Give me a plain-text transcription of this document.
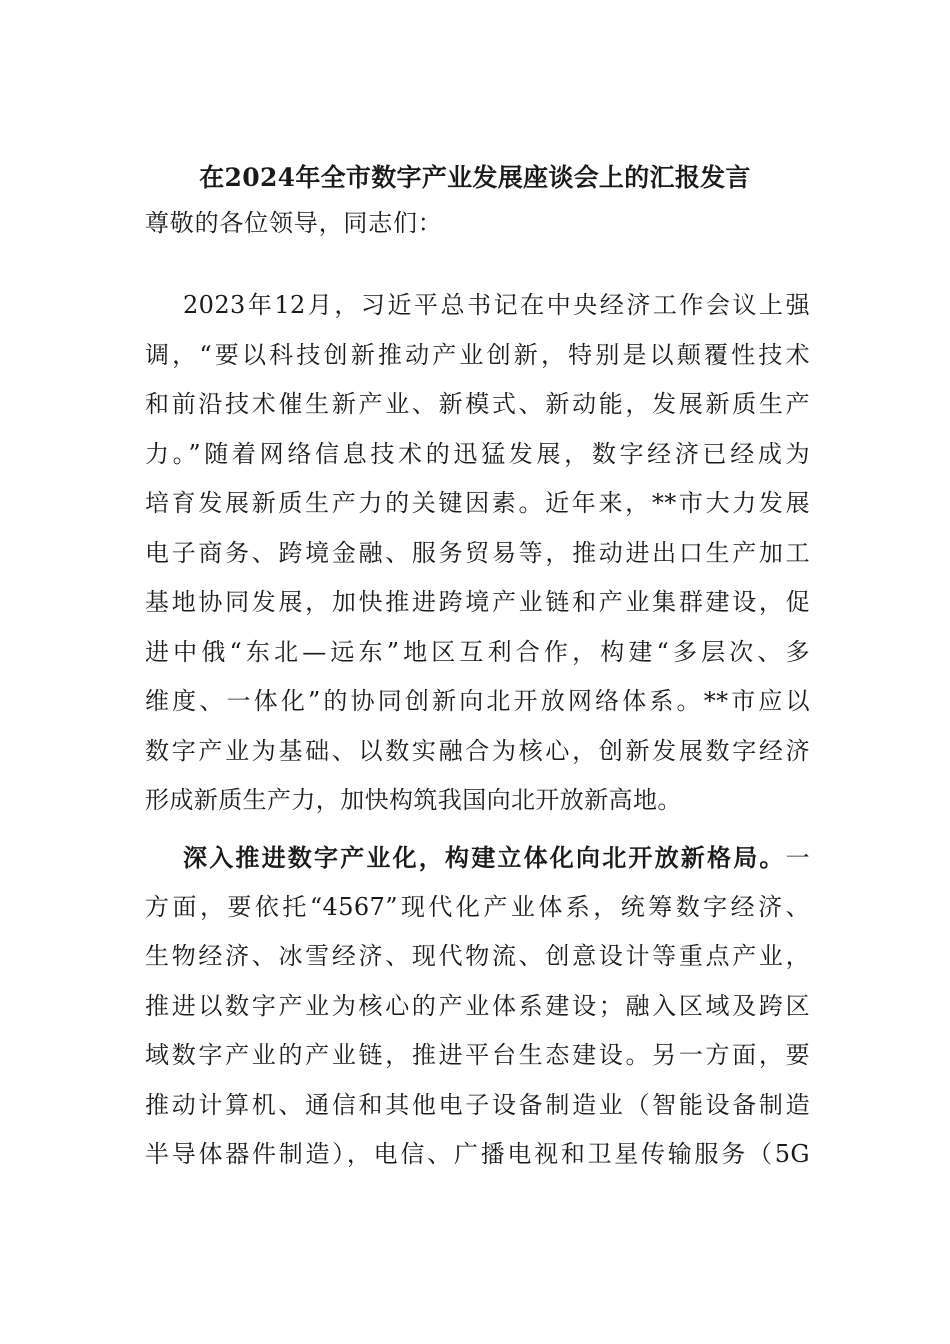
在2024年全市数字产业发展座谈会上的汇报发言
尊敬的各位领导，同志们：
2023年12月，习近平总书记在中央经济工作会议上强
调，“要以科技创新推动产业创新，特别是以颠覆性技术
和前沿技术催生新产业、新模式、新动能，发展新质生产
力。”随着网络信息技术的迅猛发展，数字经济已经成为
培育发展新质生产力的关键因素。近年来，**市大力发展
电子商务、跨境金融、服务贸易等，推动进出口生产加工
基地协同发展，加快推进跨境产业链和产业集群建设，促
进中俄“东北—远东”地区互利合作，构建“多层次、多
维度、一体化”的协同创新向北开放网络体系。**市应以
数字产业为基础、以数实融合为核心，创新发展数字经济
形成新质生产力，加快构筑我国向北开放新高地。
深入推进数字产业化，构建立体化向北开放新格局。一
方面，要依托“4567”现代化产业体系，统筹数字经济、
生物经济、冰雪经济、现代物流、创意设计等重点产业，
推进以数字产业为核心的产业体系建设；融入区域及跨区
域数字产业的产业链，推进平台生态建设。另一方面，要
推动计算机、通信和其他电子设备制造业（智能设备制造
半导体器件制造），电信、广播电视和卫星传输服务（5G
